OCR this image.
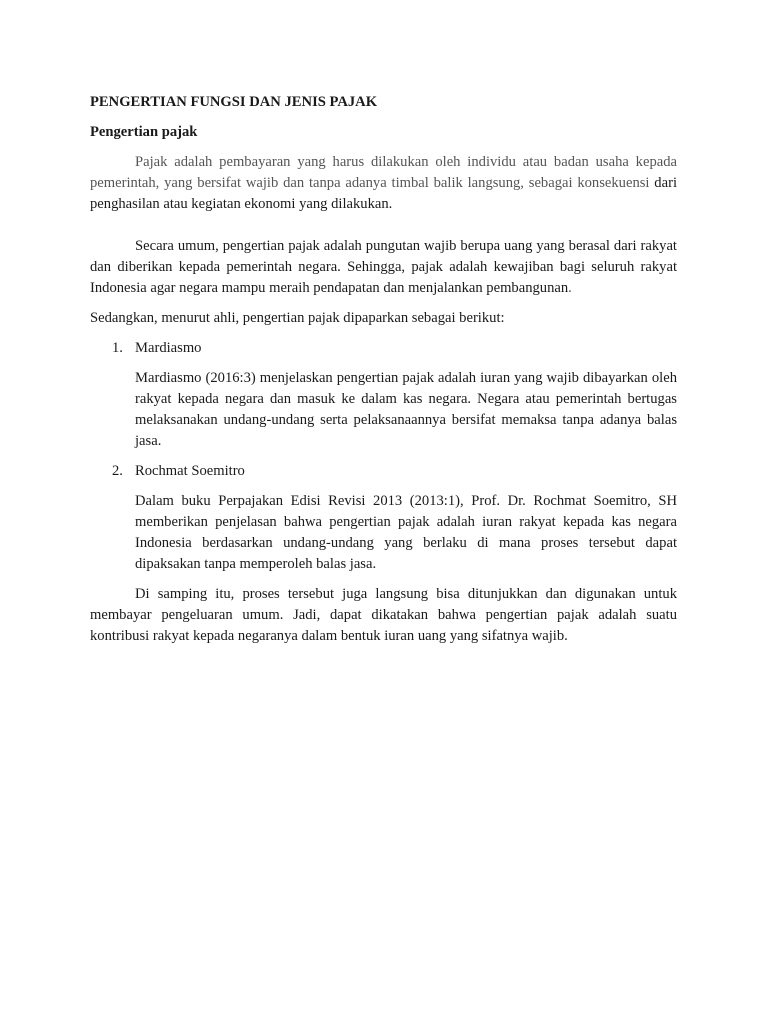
PENGERTIAN FUNGSI DAN JENIS PAJAK

Pengertian pajak

Pajak adalah pembayaran yang harus dilakukan oleh individu atau badan usaha kepada pemerintah, yang bersifat wajib dan tanpa adanya timbal balik langsung, sebagai konsekuensi dari penghasilan atau kegiatan ekonomi yang dilakukan.

Secara umum, pengertian pajak adalah pungutan wajib berupa uang yang berasal dari rakyat dan diberikan kepada pemerintah negara. Sehingga, pajak adalah kewajiban bagi seluruh rakyat Indonesia agar negara mampu meraih pendapatan dan menjalankan pembangunan.

Sedangkan, menurut ahli, pengertian pajak dipaparkan sebagai berikut:

1. Mardiasmo

Mardiasmo (2016:3) menjelaskan pengertian pajak adalah iuran yang wajib dibayarkan oleh rakyat kepada negara dan masuk ke dalam kas negara. Negara atau pemerintah bertugas melaksanakan undang-undang serta pelaksanaannya bersifat memaksa tanpa adanya balas jasa.

2. Rochmat Soemitro

Dalam buku Perpajakan Edisi Revisi 2013 (2013:1), Prof. Dr. Rochmat Soemitro, SH memberikan penjelasan bahwa pengertian pajak adalah iuran rakyat kepada kas negara Indonesia berdasarkan undang-undang yang berlaku di mana proses tersebut dapat dipaksakan tanpa memperoleh balas jasa.

Di samping itu, proses tersebut juga langsung bisa ditunjukkan dan digunakan untuk membayar pengeluaran umum. Jadi, dapat dikatakan bahwa pengertian pajak adalah suatu kontribusi rakyat kepada negaranya dalam bentuk iuran uang yang sifatnya wajib.
